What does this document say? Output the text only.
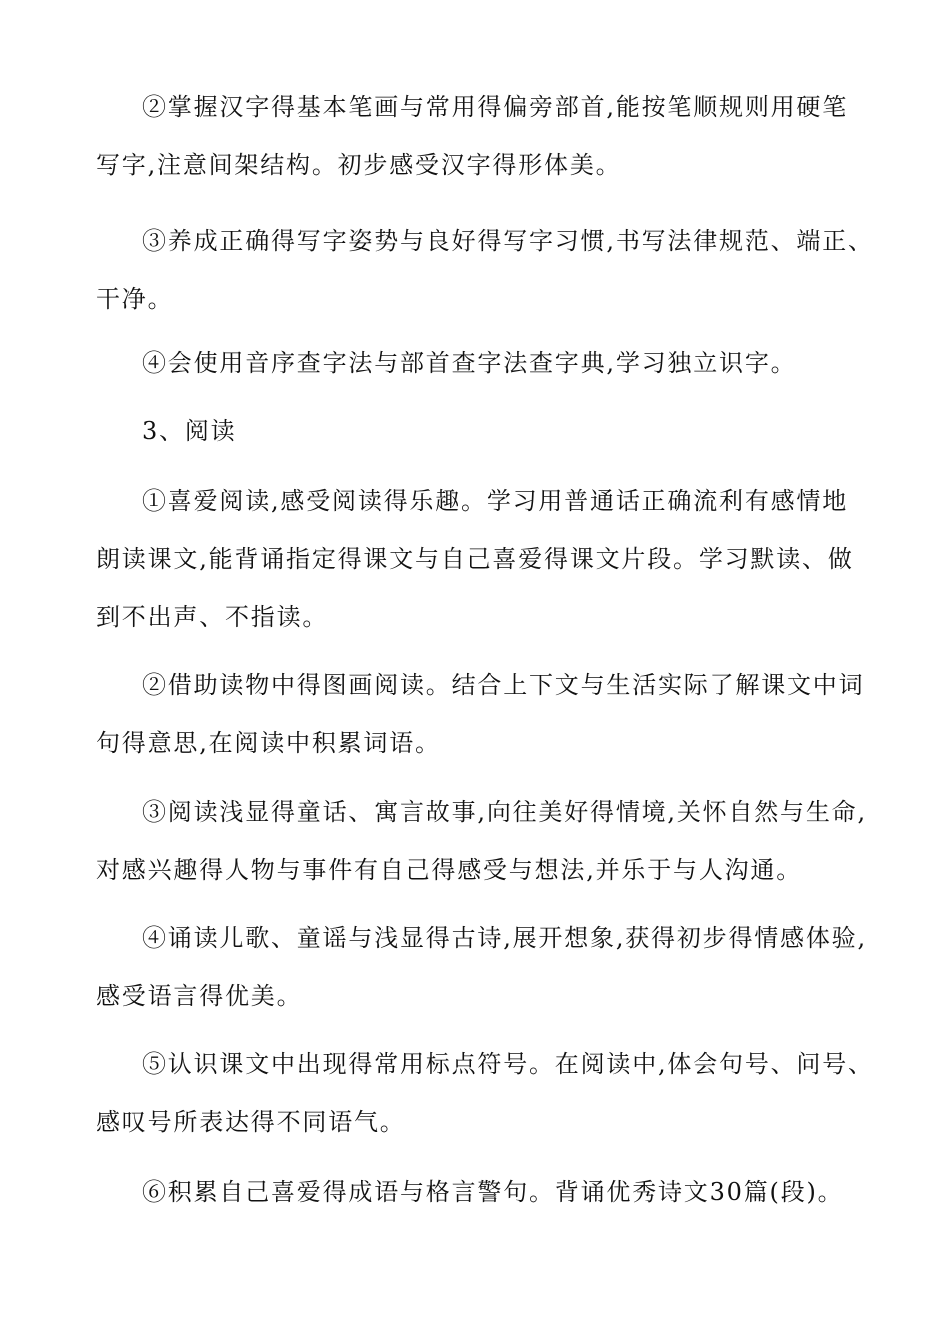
②掌握汉字得基本笔画与常用得偏旁部首,能按笔顺规则用硬笔
写字,注意间架结构。初步感受汉字得形体美。
③养成正确得写字姿势与良好得写字习惯,书写法律规范、端正、
干净。
④会使用音序查字法与部首查字法查字典,学习独立识字。
3、阅读
①喜爱阅读,感受阅读得乐趣。学习用普通话正确流利有感情地
朗读课文,能背诵指定得课文与自己喜爱得课文片段。学习默读、做
到不出声、不指读。
②借助读物中得图画阅读。结合上下文与生活实际了解课文中词
句得意思,在阅读中积累词语。
③阅读浅显得童话、寓言故事,向往美好得情境,关怀自然与生命,
对感兴趣得人物与事件有自己得感受与想法,并乐于与人沟通。
④诵读儿歌、童谣与浅显得古诗,展开想象,获得初步得情感体验,
感受语言得优美。
⑤认识课文中出现得常用标点符号。在阅读中,体会句号、问号、
感叹号所表达得不同语气。
⑥积累自己喜爱得成语与格言警句。背诵优秀诗文30篇(段)。
